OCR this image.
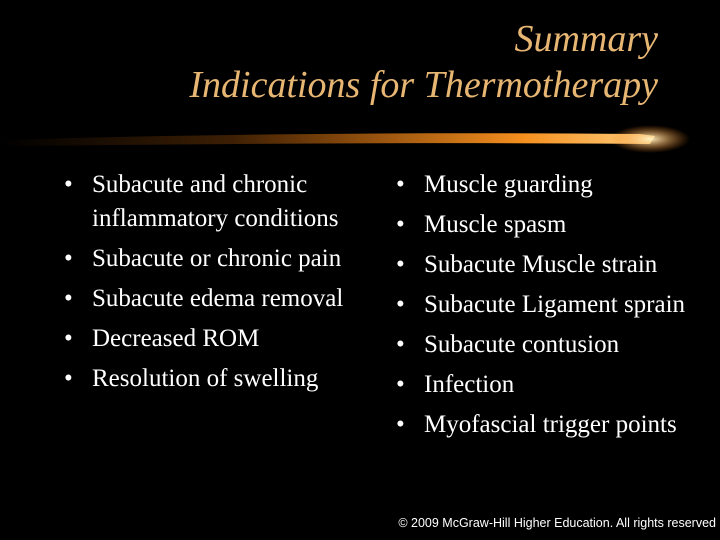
Summary
Indications for Thermotherapy
• Subacute and chronic inflammatory conditions
• Subacute or chronic pain
• Subacute edema removal
• Decreased ROM
• Resolution of swelling
• Muscle guarding
• Muscle spasm
• Subacute Muscle strain
• Subacute Ligament sprain
• Subacute contusion
• Infection
• Myofascial trigger points
© 2009 McGraw-Hill Higher Education. All rights reserved
